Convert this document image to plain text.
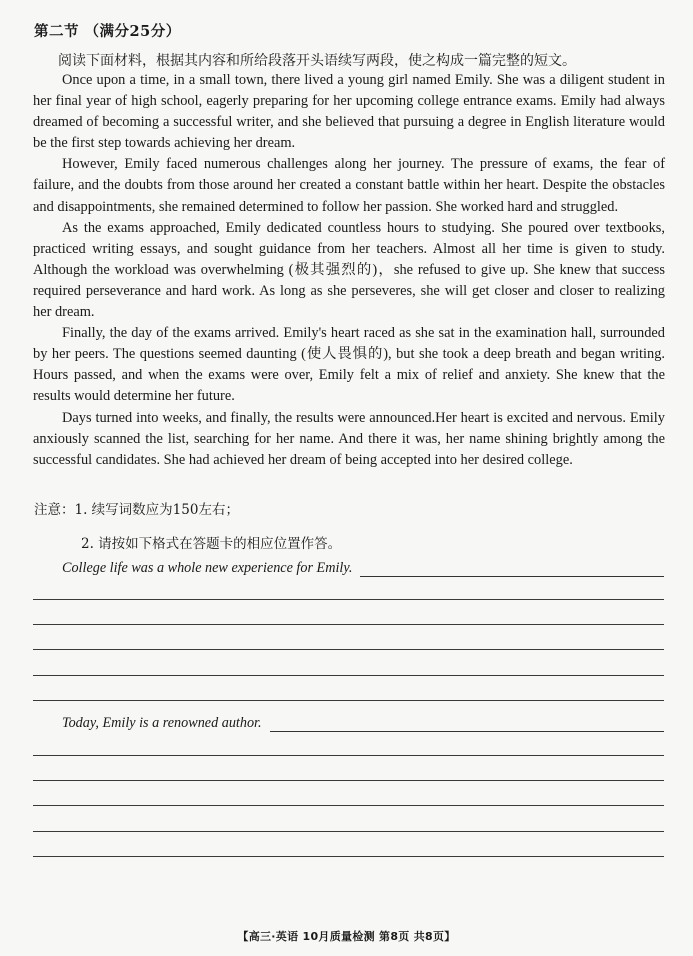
第二节 （满分25分）
阅读下面材料，根据其内容和所给段落开头语续写两段，使之构成一篇完整的短文。

Once upon a time, in a small town, there lived a young girl named Emily. She was a diligent student in her final year of high school, eagerly preparing for her upcoming college entrance exams. Emily had always dreamed of becoming a successful writer, and she believed that pursuing a degree in English literature would be the first step towards achieving her dream.

However, Emily faced numerous challenges along her journey. The pressure of exams, the fear of failure, and the doubts from those around her created a constant battle within her heart. Despite the obstacles and disappointments, she remained determined to follow her passion. She worked hard and struggled.

As the exams approached, Emily dedicated countless hours to studying. She poured over textbooks, practiced writing essays, and sought guidance from her teachers. Almost all her time is given to study. Although the workload was overwhelming (极其强烈的)，she refused to give up. She knew that success required perseverance and hard work. As long as she perseveres, she will get closer and closer to realizing her dream.

Finally, the day of the exams arrived. Emily's heart raced as she sat in the examination hall, surrounded by her peers. The questions seemed daunting (使人畏惧的), but she took a deep breath and began writing. Hours passed, and when the exams were over, Emily felt a mix of relief and anxiety. She knew that the results would determine her future.

Days turned into weeks, and finally, the results were announced.Her heart is excited and nervous. Emily anxiously scanned the list, searching for her name. And there it was, her name shining brightly among the successful candidates. She had achieved her dream of being accepted into her desired college.

注意：1. 续写词数应为150左右；
2. 请按如下格式在答题卡的相应位置作答。
College life was a whole new experience for Emily.
Today, Emily is a renowned author.
【高三·英语 10月质量检测 第8页 共8页】
